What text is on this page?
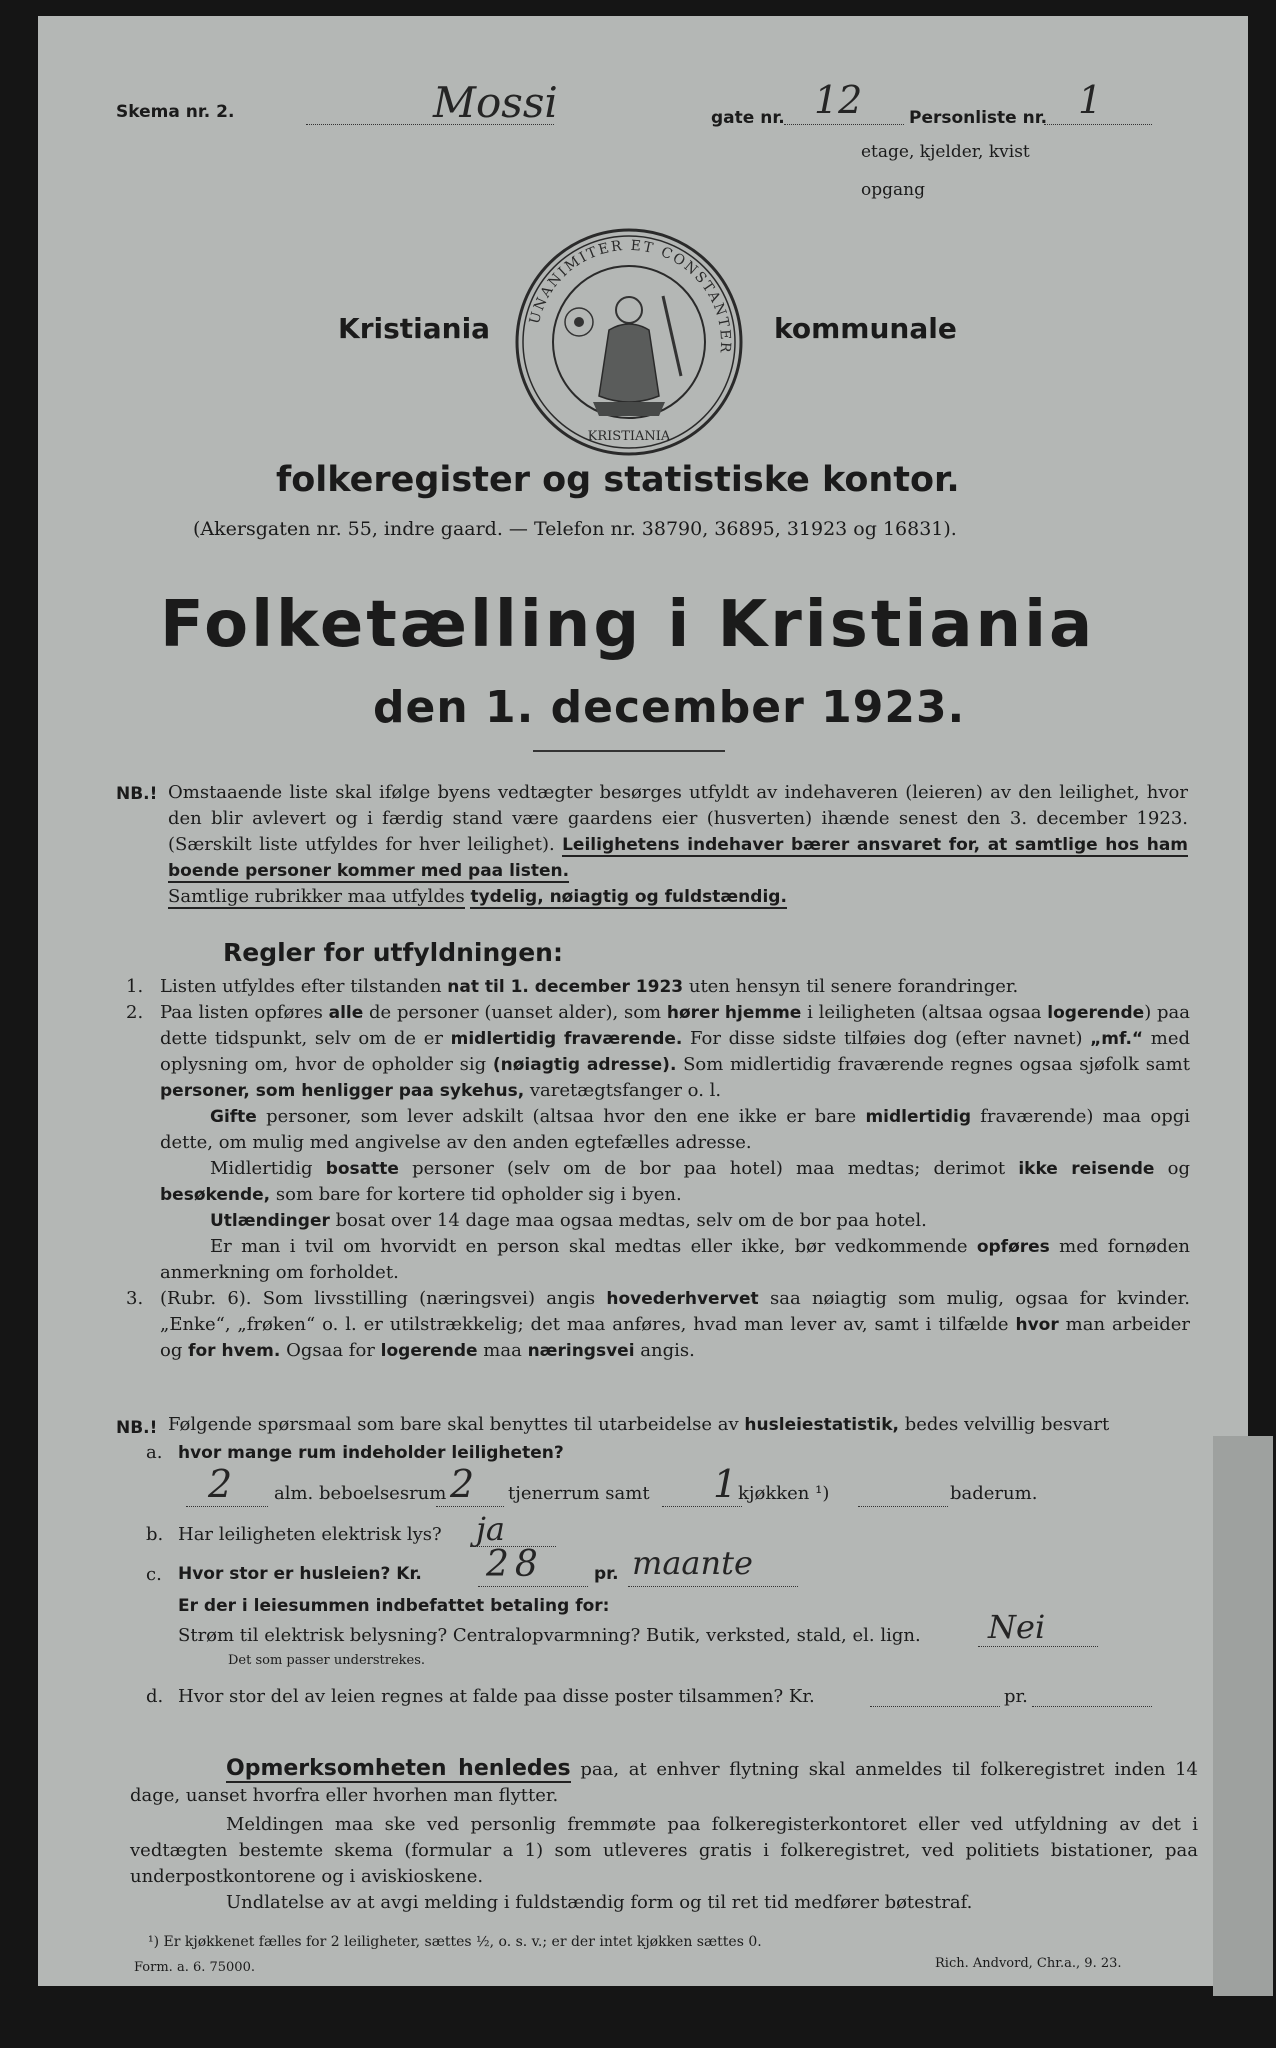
Skema nr. 2.	Mossi	gate nr. 12	Personliste nr. 1
etage, kjelder, kvist
opgang
Kristiania	UNANIMITER ET CONSTANTER
KRISTIANIA
kommunale
folkeregister og statistiske kontor.
(Akersgaten nr. 55, indre gaard. — Telefon nr. 38790, 36895, 31923 og 16831).
Folketælling i Kristiania
den 1. december 1923.
NB.! Omstaaende liste skal ifølge byens vedtægter besørges utfyldt av indehaveren (leieren) av den leilighet, hvor den blir avlevert og i færdig stand være gaardens eier (husverten) ihænde senest den 3. december 1923. (Særskilt liste utfyldes for hver leilighet). Leilighetens indehaver bærer ansvaret for, at samtlige hos ham boende personer kommer med paa listen.
Samtlige rubrikker maa utfyldes tydelig, nøiagtig og fuldstændig.
Regler for utfyldningen:
1. Listen utfyldes efter tilstanden nat til 1. december 1923 uten hensyn til senere forandringer.
2. Paa listen opføres alle de personer (uanset alder), som hører hjemme i leiligheten (altsaa ogsaa logerende) paa dette tidspunkt, selv om de er midlertidig fraværende. For disse sidste tilføies dog (efter navnet) „mf.“ med oplysning om, hvor de opholder sig (nøiagtig adresse). Som midlertidig fraværende regnes ogsaa sjøfolk samt personer, som henligger paa sykehus, varetægtsfanger o. l.
Gifte personer, som lever adskilt (altsaa hvor den ene ikke er bare midlertidig fraværende) maa opgi dette, om mulig med angivelse av den anden egtefælles adresse.
Midlertidig bosatte personer (selv om de bor paa hotel) maa medtas; derimot ikke reisende og besøkende, som bare for kortere tid opholder sig i byen.
Utlændinger bosat over 14 dage maa ogsaa medtas, selv om de bor paa hotel.
Er man i tvil om hvorvidt en person skal medtas eller ikke, bør vedkommende opføres med fornøden anmerkning om forholdet.
3. (Rubr. 6). Som livsstilling (næringsvei) angis hovederhvervet saa nøiagtig som mulig, ogsaa for kvinder. „Enke“, „frøken“ o. l. er utilstrækkelig; det maa anføres, hvad man lever av, samt i tilfælde hvor man arbeider og for hvem. Ogsaa for logerende maa næringsvei angis.
NB.! Følgende spørsmaal som bare skal benyttes til utarbeidelse av husleiestatistik, bedes velvillig besvart
a. hvor mange rum indeholder leiligheten?
2 alm. beboelsesrum 2 tjenerrum samt 1 kjøkken ¹)	baderum.
b. Har leiligheten elektrisk lys? ja
c. Hvor stor er husleien? Kr. 28	pr. maante
Er der i leiesummen indbefattet betaling for:
Strøm til elektrisk belysning? Centralopvarmning? Butik, verksted, stald, el. lign. Nei
Det som passer understrekes.
d. Hvor stor del av leien regnes at falde paa disse poster tilsammen? Kr.	pr.
Opmerksomheten henledes paa, at enhver flytning skal anmeldes til folkeregistret inden 14 dage, uanset hvorfra eller hvorhen man flytter.
Meldingen maa ske ved personlig fremmøte paa folkeregisterkontoret eller ved utfyldning av det i vedtægten bestemte skema (formular a 1) som utleveres gratis i folkeregistret, ved politiets bistationer, paa underpostkontorene og i aviskioskene.
Undlatelse av at avgi melding i fuldstændig form og til ret tid medfører bøtestraf.
¹) Er kjøkkenet fælles for 2 leiligheter, sættes ½, o. s. v.; er der intet kjøkken sættes 0.
Form. a. 6. 75000.	Rich. Andvord, Chr.a., 9. 23.
